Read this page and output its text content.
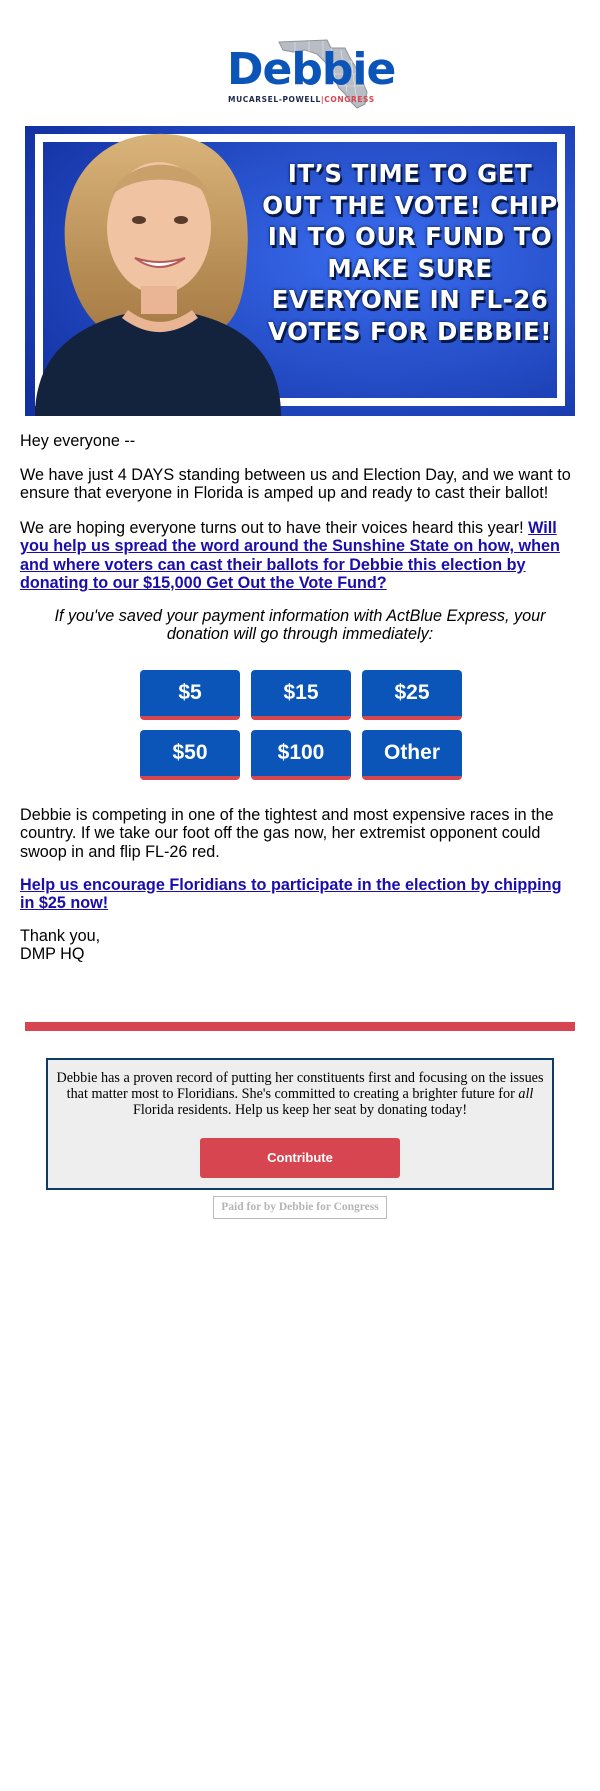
Debbie
MUCARSEL-POWELL|CONGRESS
IT’S TIME TO GET OUT THE VOTE! CHIP IN TO OUR FUND TO MAKE SURE EVERYONE IN FL-26 VOTES FOR DEBBIE!
Hey everyone --
We have just 4 DAYS standing between us and Election Day, and we want to ensure that everyone in Florida is amped up and ready to cast their ballot!
We are hoping everyone turns out to have their voices heard this year! Will you help us spread the word around the Sunshine State on how, when and where voters can cast their ballots for Debbie this election by donating to our $15,000 Get Out the Vote Fund?
If you've saved your payment information with ActBlue Express, your donation will go through immediately:
$5	$15	$25
$50	$100	Other
Debbie is competing in one of the tightest and most expensive races in the country. If we take our foot off the gas now, her extremist opponent could swoop in and flip FL-26 red.
Help us encourage Floridians to participate in the election by chipping in $25 now!
Thank you,
DMP HQ
Debbie has a proven record of putting her constituents first and focusing on the issues that matter most to Floridians. She's committed to creating a brighter future for all Florida residents. Help us keep her seat by donating today!
Contribute
Paid for by Debbie for Congress
